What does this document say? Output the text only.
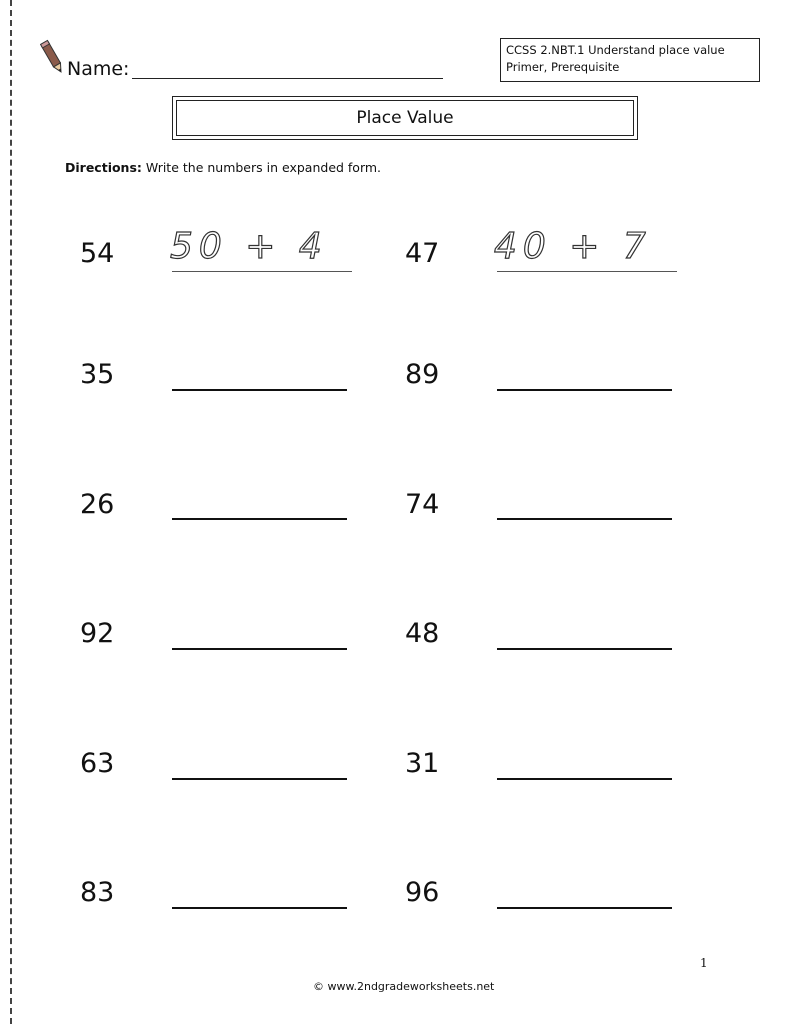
Name:
CCSS 2.NBT.1 Understand place value
Primer, Prerequisite
Place Value
Directions: Write the numbers in expanded form.
54 50 + 4	47 40 + 7
35	89
26	74
92	48
63	31
83	96
© www.2ndgradeworksheets.net
1
